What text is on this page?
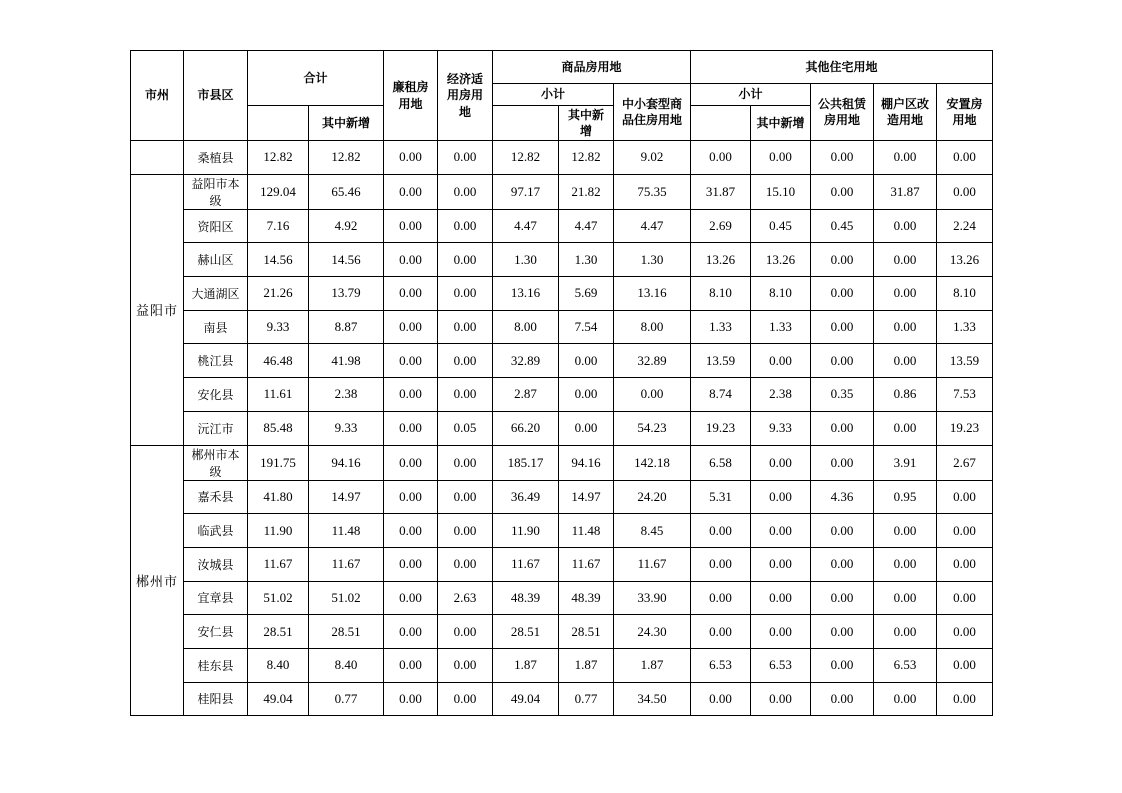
市州	市县区	合计		廉租房用地	经济适用房用地	商品房用地			其他住宅用地				
						小计		中小套型商品住房用地	小计		公共租赁房用地	棚户区改造用地	安置房用地
			其中新增				其中新增			其中新增			
	桑植县	12.82	12.82	0.00	0.00	12.82	12.82	9.02	0.00	0.00	0.00	0.00	0.00
益阳市	益阳市本级	129.04	65.46	0.00	0.00	97.17	21.82	75.35	31.87	15.10	0.00	31.87	0.00
	资阳区	7.16	4.92	0.00	0.00	4.47	4.47	4.47	2.69	0.45	0.45	0.00	2.24
	赫山区	14.56	14.56	0.00	0.00	1.30	1.30	1.30	13.26	13.26	0.00	0.00	13.26
	大通湖区	21.26	13.79	0.00	0.00	13.16	5.69	13.16	8.10	8.10	0.00	0.00	8.10
	南县	9.33	8.87	0.00	0.00	8.00	7.54	8.00	1.33	1.33	0.00	0.00	1.33
	桃江县	46.48	41.98	0.00	0.00	32.89	0.00	32.89	13.59	0.00	0.00	0.00	13.59
	安化县	11.61	2.38	0.00	0.00	2.87	0.00	0.00	8.74	2.38	0.35	0.86	7.53
	沅江市	85.48	9.33	0.00	0.05	66.20	0.00	54.23	19.23	9.33	0.00	0.00	19.23
郴州市	郴州市本级	191.75	94.16	0.00	0.00	185.17	94.16	142.18	6.58	0.00	0.00	3.91	2.67
	嘉禾县	41.80	14.97	0.00	0.00	36.49	14.97	24.20	5.31	0.00	4.36	0.95	0.00
	临武县	11.90	11.48	0.00	0.00	11.90	11.48	8.45	0.00	0.00	0.00	0.00	0.00
	汝城县	11.67	11.67	0.00	0.00	11.67	11.67	11.67	0.00	0.00	0.00	0.00	0.00
	宜章县	51.02	51.02	0.00	2.63	48.39	48.39	33.90	0.00	0.00	0.00	0.00	0.00
	安仁县	28.51	28.51	0.00	0.00	28.51	28.51	24.30	0.00	0.00	0.00	0.00	0.00
	桂东县	8.40	8.40	0.00	0.00	1.87	1.87	1.87	6.53	6.53	0.00	6.53	0.00
	桂阳县	49.04	0.77	0.00	0.00	49.04	0.77	34.50	0.00	0.00	0.00	0.00	0.00
